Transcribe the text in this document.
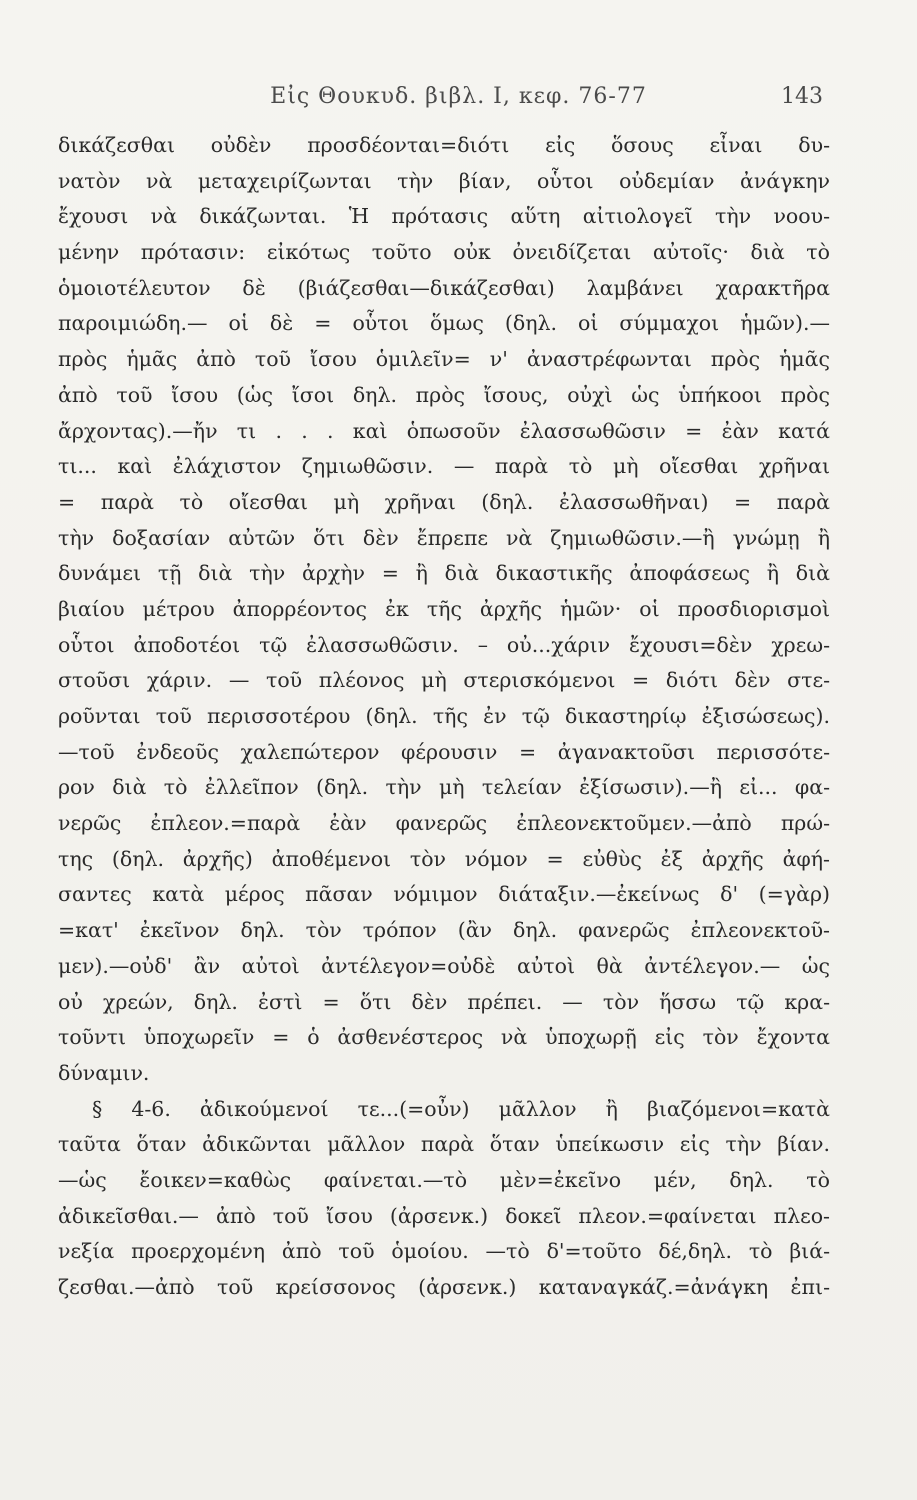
Εἰς Θουκυδ. βιβλ. Ι, κεφ. 76-77	143
δικάζεσθαι οὐδὲν προσδέονται=διότι εἰς ὅσους εἶναι δυ-
νατὸν νὰ μεταχειρίζωνται τὴν βίαν, οὗτοι οὐδεμίαν ἀνάγκην
ἔχουσι νὰ δικάζωνται. Ἡ πρότασις αὕτη αἰτιολογεῖ τὴν νοου-
μένην πρότασιν: εἰκότως τοῦτο οὐκ ὀνειδίζεται αὐτοῖς· διὰ τὸ
ὁμοιοτέλευτον δὲ (βιάζεσθαι—δικάζεσθαι) λαμβάνει χαρακτῆρα
παροιμιώδη.— οἱ δὲ = οὗτοι ὅμως (δηλ. οἱ σύμμαχοι ἡμῶν).—
πρὸς ἡμᾶς ἀπὸ τοῦ ἴσου ὁμιλεῖν= ν' ἀναστρέφωνται πρὸς ἡμᾶς
ἀπὸ τοῦ ἴσου (ὡς ἴσοι δηλ. πρὸς ἴσους, οὐχὶ ὡς ὑπήκοοι πρὸς
ἄρχοντας).—ἤν τι . . . καὶ ὁπωσοῦν ἐλασσωθῶσιν = ἐὰν κατά
τι... καὶ ἐλάχιστον ζημιωθῶσιν. — παρὰ τὸ μὴ οἴεσθαι χρῆναι
= παρὰ τὸ οἴεσθαι μὴ χρῆναι (δηλ. ἐλασσωθῆναι) = παρὰ
τὴν δοξασίαν αὐτῶν ὅτι δὲν ἔπρεπε νὰ ζημιωθῶσιν.—ἢ γνώμῃ ἢ
δυνάμει τῇ διὰ τὴν ἀρχὴν = ἢ διὰ δικαστικῆς ἀποφάσεως ἢ διὰ
βιαίου μέτρου ἀπορρέοντος ἐκ τῆς ἀρχῆς ἡμῶν· οἱ προσδιορισμοὶ
οὗτοι ἀποδοτέοι τῷ ἐλασσωθῶσιν. – οὐ...χάριν ἔχουσι=δὲν χρεω-
στοῦσι χάριν. — τοῦ πλέονος μὴ στερισκόμενοι = διότι δὲν στε-
ροῦνται τοῦ περισσοτέρου (δηλ. τῆς ἐν τῷ δικαστηρίῳ ἐξισώσεως).
—τοῦ ἐνδεοῦς χαλεπώτερον φέρουσιν = ἀγανακτοῦσι περισσότε-
ρον διὰ τὸ ἐλλεῖπον (δηλ. τὴν μὴ τελείαν ἐξίσωσιν).—ἢ εἰ... φα-
νερῶς ἐπλεον.=παρὰ ἐὰν φανερῶς ἐπλεονεκτοῦμεν.—ἀπὸ πρώ-
της (δηλ. ἀρχῆς) ἀποθέμενοι τὸν νόμον = εὐθὺς ἐξ ἀρχῆς ἀφή-
σαντες κατὰ μέρος πᾶσαν νόμιμον διάταξιν.—ἐκείνως δ' (=γὰρ)
=κατ' ἐκεῖνον δηλ. τὸν τρόπον (ἂν δηλ. φανερῶς ἐπλεονεκτοῦ-
μεν).—οὐδ' ἂν αὐτοὶ ἀντέλεγον=οὐδὲ αὐτοὶ θὰ ἀντέλεγον.— ὡς
οὐ χρεών, δηλ. ἐστὶ = ὅτι δὲν πρέπει. — τὸν ἥσσω τῷ κρα-
τοῦντι ὑποχωρεῖν = ὁ ἀσθενέστερος νὰ ὑποχωρῇ εἰς τὸν ἔχοντα
δύναμιν.
§ 4-6. ἀδικούμενοί τε...(=οὖν) μᾶλλον ἢ βιαζόμενοι=κατὰ
ταῦτα ὅταν ἀδικῶνται μᾶλλον παρὰ ὅταν ὑπείκωσιν εἰς τὴν βίαν.
—ὡς ἔοικεν=καθὼς φαίνεται.—τὸ μὲν=ἐκεῖνο μέν, δηλ. τὸ
ἀδικεῖσθαι.— ἀπὸ τοῦ ἴσου (ἀρσενκ.) δοκεῖ πλεον.=φαίνεται πλεο-
νεξία προερχομένη ἀπὸ τοῦ ὁμοίου. —τὸ δ'=τοῦτο δέ,δηλ. τὸ βιά-
ζεσθαι.—ἀπὸ τοῦ κρείσσονος (ἀρσενκ.) καταναγκάζ.=ἀνάγκη ἐπι-
